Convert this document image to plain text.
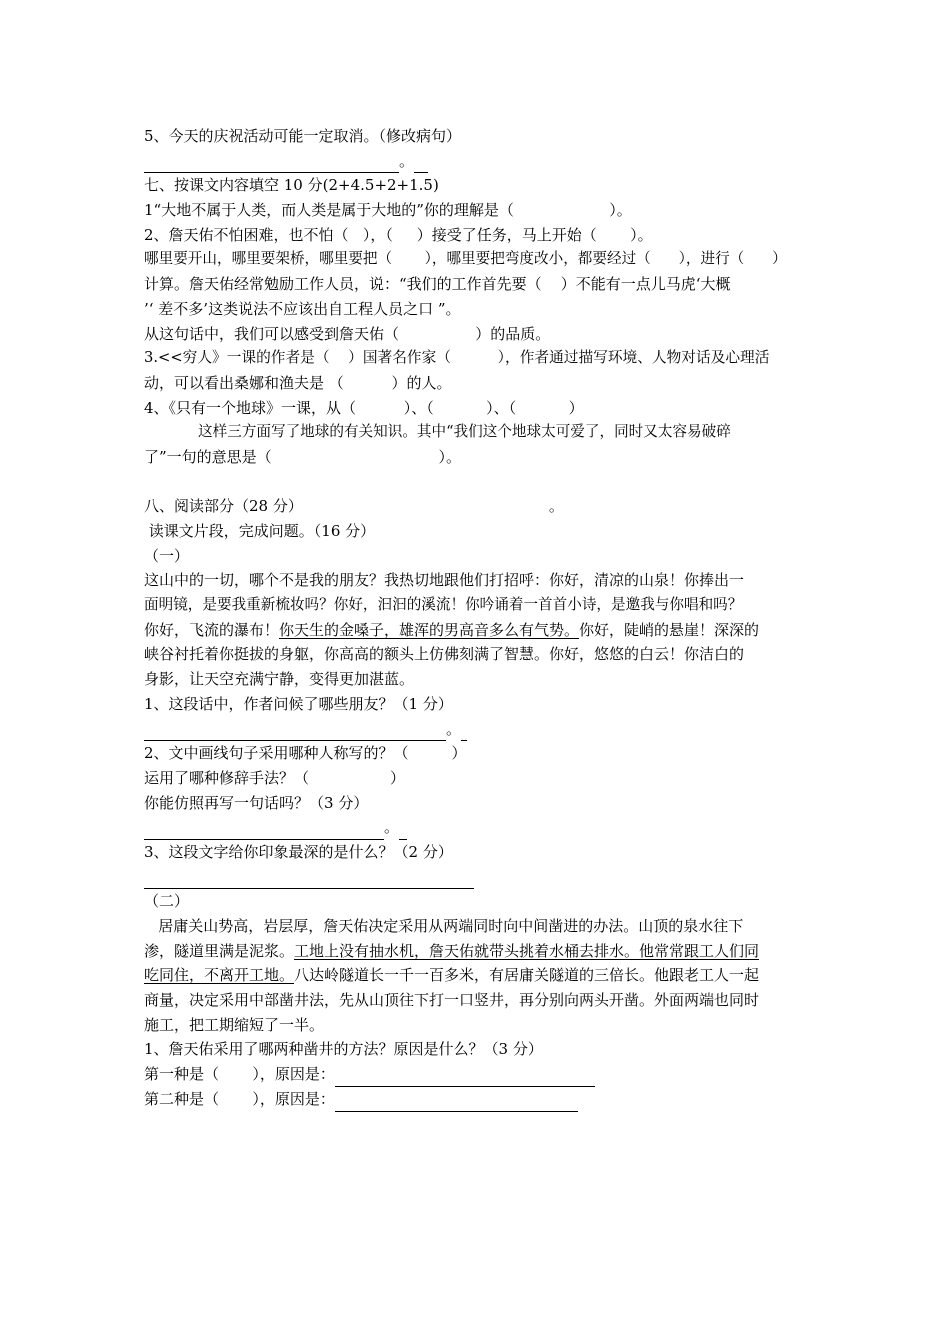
5、今天的庆祝活动可能一定取消。（修改病句）
。
七、按课文内容填空 10 分(2+4.5+2+1.5)
1“大地不属于人类，而人类是属于大地的”你的理解是（                    ）。
2、詹天佑不怕困难，也不怕（   ），（     ）接受了任务，马上开始（       ）。
哪里要开山，哪里要架桥，哪里要把（       ），哪里要把弯度改小，都要经过（      ），进行（      ）
计算。詹天佑经常勉励工作人员，说：“我们的工作首先要（    ）不能有一点儿马虎‘大概
’‘ 差不多’这类说法不应该出自工程人员之口 ”。
从这句话中，我们可以感受到詹天佑（                ）的品质。
3.<<穷人》一课的作者是（    ）国著名作家（          ），作者通过描写环境、人物对话及心理活
动，可以看出桑娜和渔夫是 （          ）的人。
4、《只有一个地球》一课，从（          ）、（           ）、（           ）
这样三方面写了地球的有关知识。其中“我们这个地球太可爱了，同时又太容易破碎
了”一句的意思是（                                   ）。
八、阅读部分（28 分）	。
读课文片段，完成问题。（16 分）
（一）
这山中的一切，哪个不是我的朋友？我热切地跟他们打招呼：你好，清凉的山泉！你捧出一
面明镜，是要我重新梳妆吗？你好，汩汩的溪流！你吟诵着一首首小诗，是邀我与你唱和吗？
你好，飞流的瀑布！你天生的金嗓子，雄浑的男高音多么有气势。你好，陡峭的悬崖！深深的
峡谷衬托着你挺拔的身躯，你高高的额头上仿佛刻满了智慧。你好，悠悠的白云！你洁白的
身影，让天空充满宁静，变得更加湛蓝。
1、这段话中，作者问候了哪些朋友？（1 分）
。
2、文中画线句子采用哪种人称写的？（         ）
运用了哪种修辞手法？（                 ）
你能仿照再写一句话吗？（3 分）
。
3、这段文字给你印象最深的是什么？（2 分）
（二）
居庸关山势高，岩层厚，詹天佑决定采用从两端同时向中间凿进的办法。山顶的泉水往下
渗，隧道里满是泥浆。工地上没有抽水机，詹天佑就带头挑着水桶去排水。他常常跟工人们同
吃同住，不离开工地。八达岭隧道长一千一百多米，有居庸关隧道的三倍长。他跟老工人一起
商量，决定采用中部凿井法，先从山顶往下打一口竖井，再分别向两头开凿。外面两端也同时
施工，把工期缩短了一半。
1、詹天佑采用了哪两种凿井的方法？原因是什么？（3 分）
第一种是（       ），原因是：
第二种是（       ），原因是：
